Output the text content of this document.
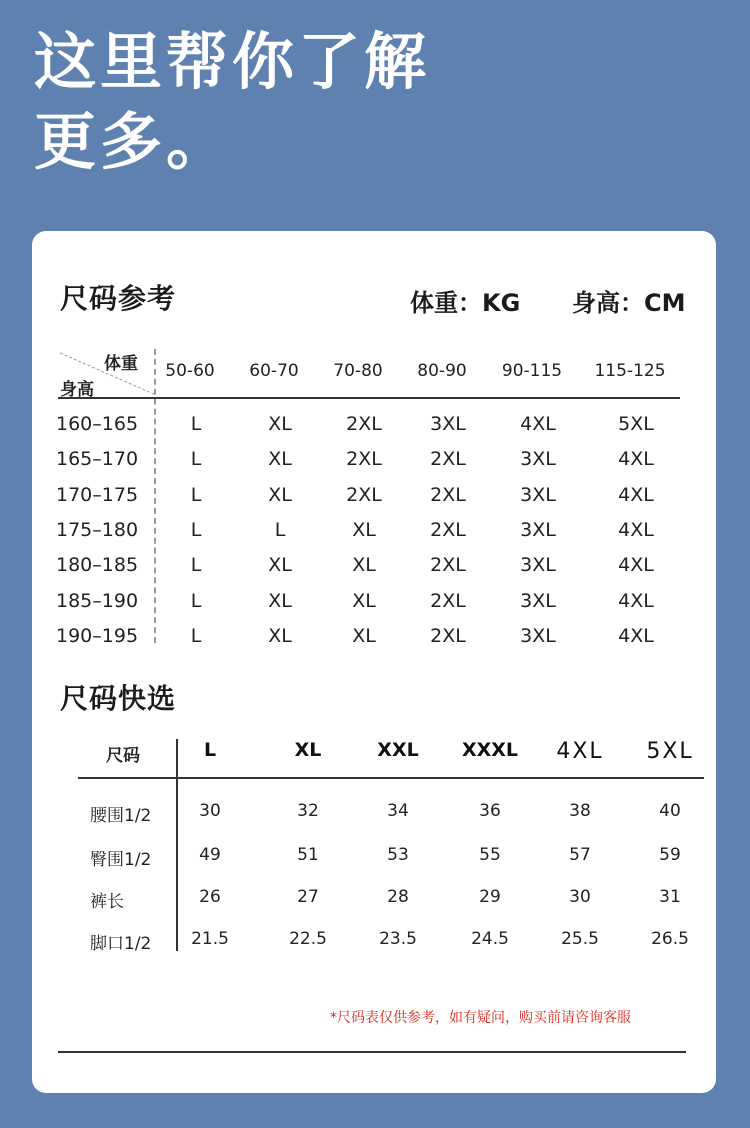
这里帮你了解
更多。
尺码参考	体重：KG 身高：CM
体重
身高
50-60	60-70	70-80	80-90	90-115	115-125
160–165	L	XL	2XL	3XL	4XL	5XL
165–170	L	XL	2XL	2XL	3XL	4XL
170–175	L	XL	2XL	2XL	3XL	4XL
175–180	L	L	XL	2XL	3XL	4XL
180–185	L	XL	XL	2XL	3XL	4XL
185–190	L	XL	XL	2XL	3XL	4XL
190–195	L	XL	XL	2XL	3XL	4XL
尺码快选
尺码	L	XL	XXL	XXXL	4XL	5XL
腰围1/2	30	32	34	36	38	40
臀围1/2	49	51	53	55	57	59
裤长	26	27	28	29	30	31
脚口1/2	21.5	22.5	23.5	24.5	25.5	26.5
*尺码表仅供参考，如有疑问，购买前请咨询客服
